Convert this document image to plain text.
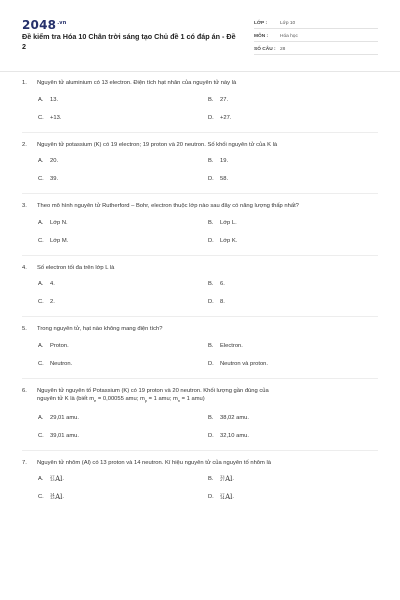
$2048^{.vn}$
Đề kiểm tra Hóa 10 Chân trời sáng tạo Chủ đề 1 có đáp án - Đề 2
LỚP :	Lớp 10
MÔN :	Hóa học
SỐ CÂU : 28
1.	Nguyên tử aluminium có 13 electron. Điện tích hạt nhân của nguyên tử này là
A.	13.	B.	27.
C.	+13.	D.	+27.
2.	Nguyên tử potassium (K) có 19 electron; 19 proton và 20 neutron. Số khối nguyên tử của K là
A.	20.	B.	19.
C.	39.	D.	58.
3.	Theo mô hình nguyên tử Rutherford – Bohr, electron thuộc lớp nào sau đây có năng lượng thấp nhất?
A.	Lớp N.	B.	Lớp L.
C.	Lớp M.	D.	Lớp K.
4.	Số electron tối đa trên lớp L là
A.	4.	B.	6.
C.	2.	D.	8.
5.	Trong nguyên tử, hạt nào không mang điện tích?
A.	Proton.	B.	Electron.
C.	Neutron.	D.	Neutron và proton.
6.	Nguyên tử nguyên tố Potassium (K) có 19 proton và 20 neutron. Khối lượng gần đúng của
nguyên tử K là (biết $m_e = 0,00055$ amu; $m_p = 1$ amu; $m_n = 1$ amu)
A.	29,01 amu.	B.	38,02 amu.
C.	39,01 amu.	D.	32,10 amu.
7.	Nguyên tử nhôm (Al) có 13 proton và 14 neutron. Kí hiệu nguyên tử của nguyên tố nhôm là
A.	27
13Al .	B.	13
27Al .
C.	14
13Al .	D.	27
14Al .
